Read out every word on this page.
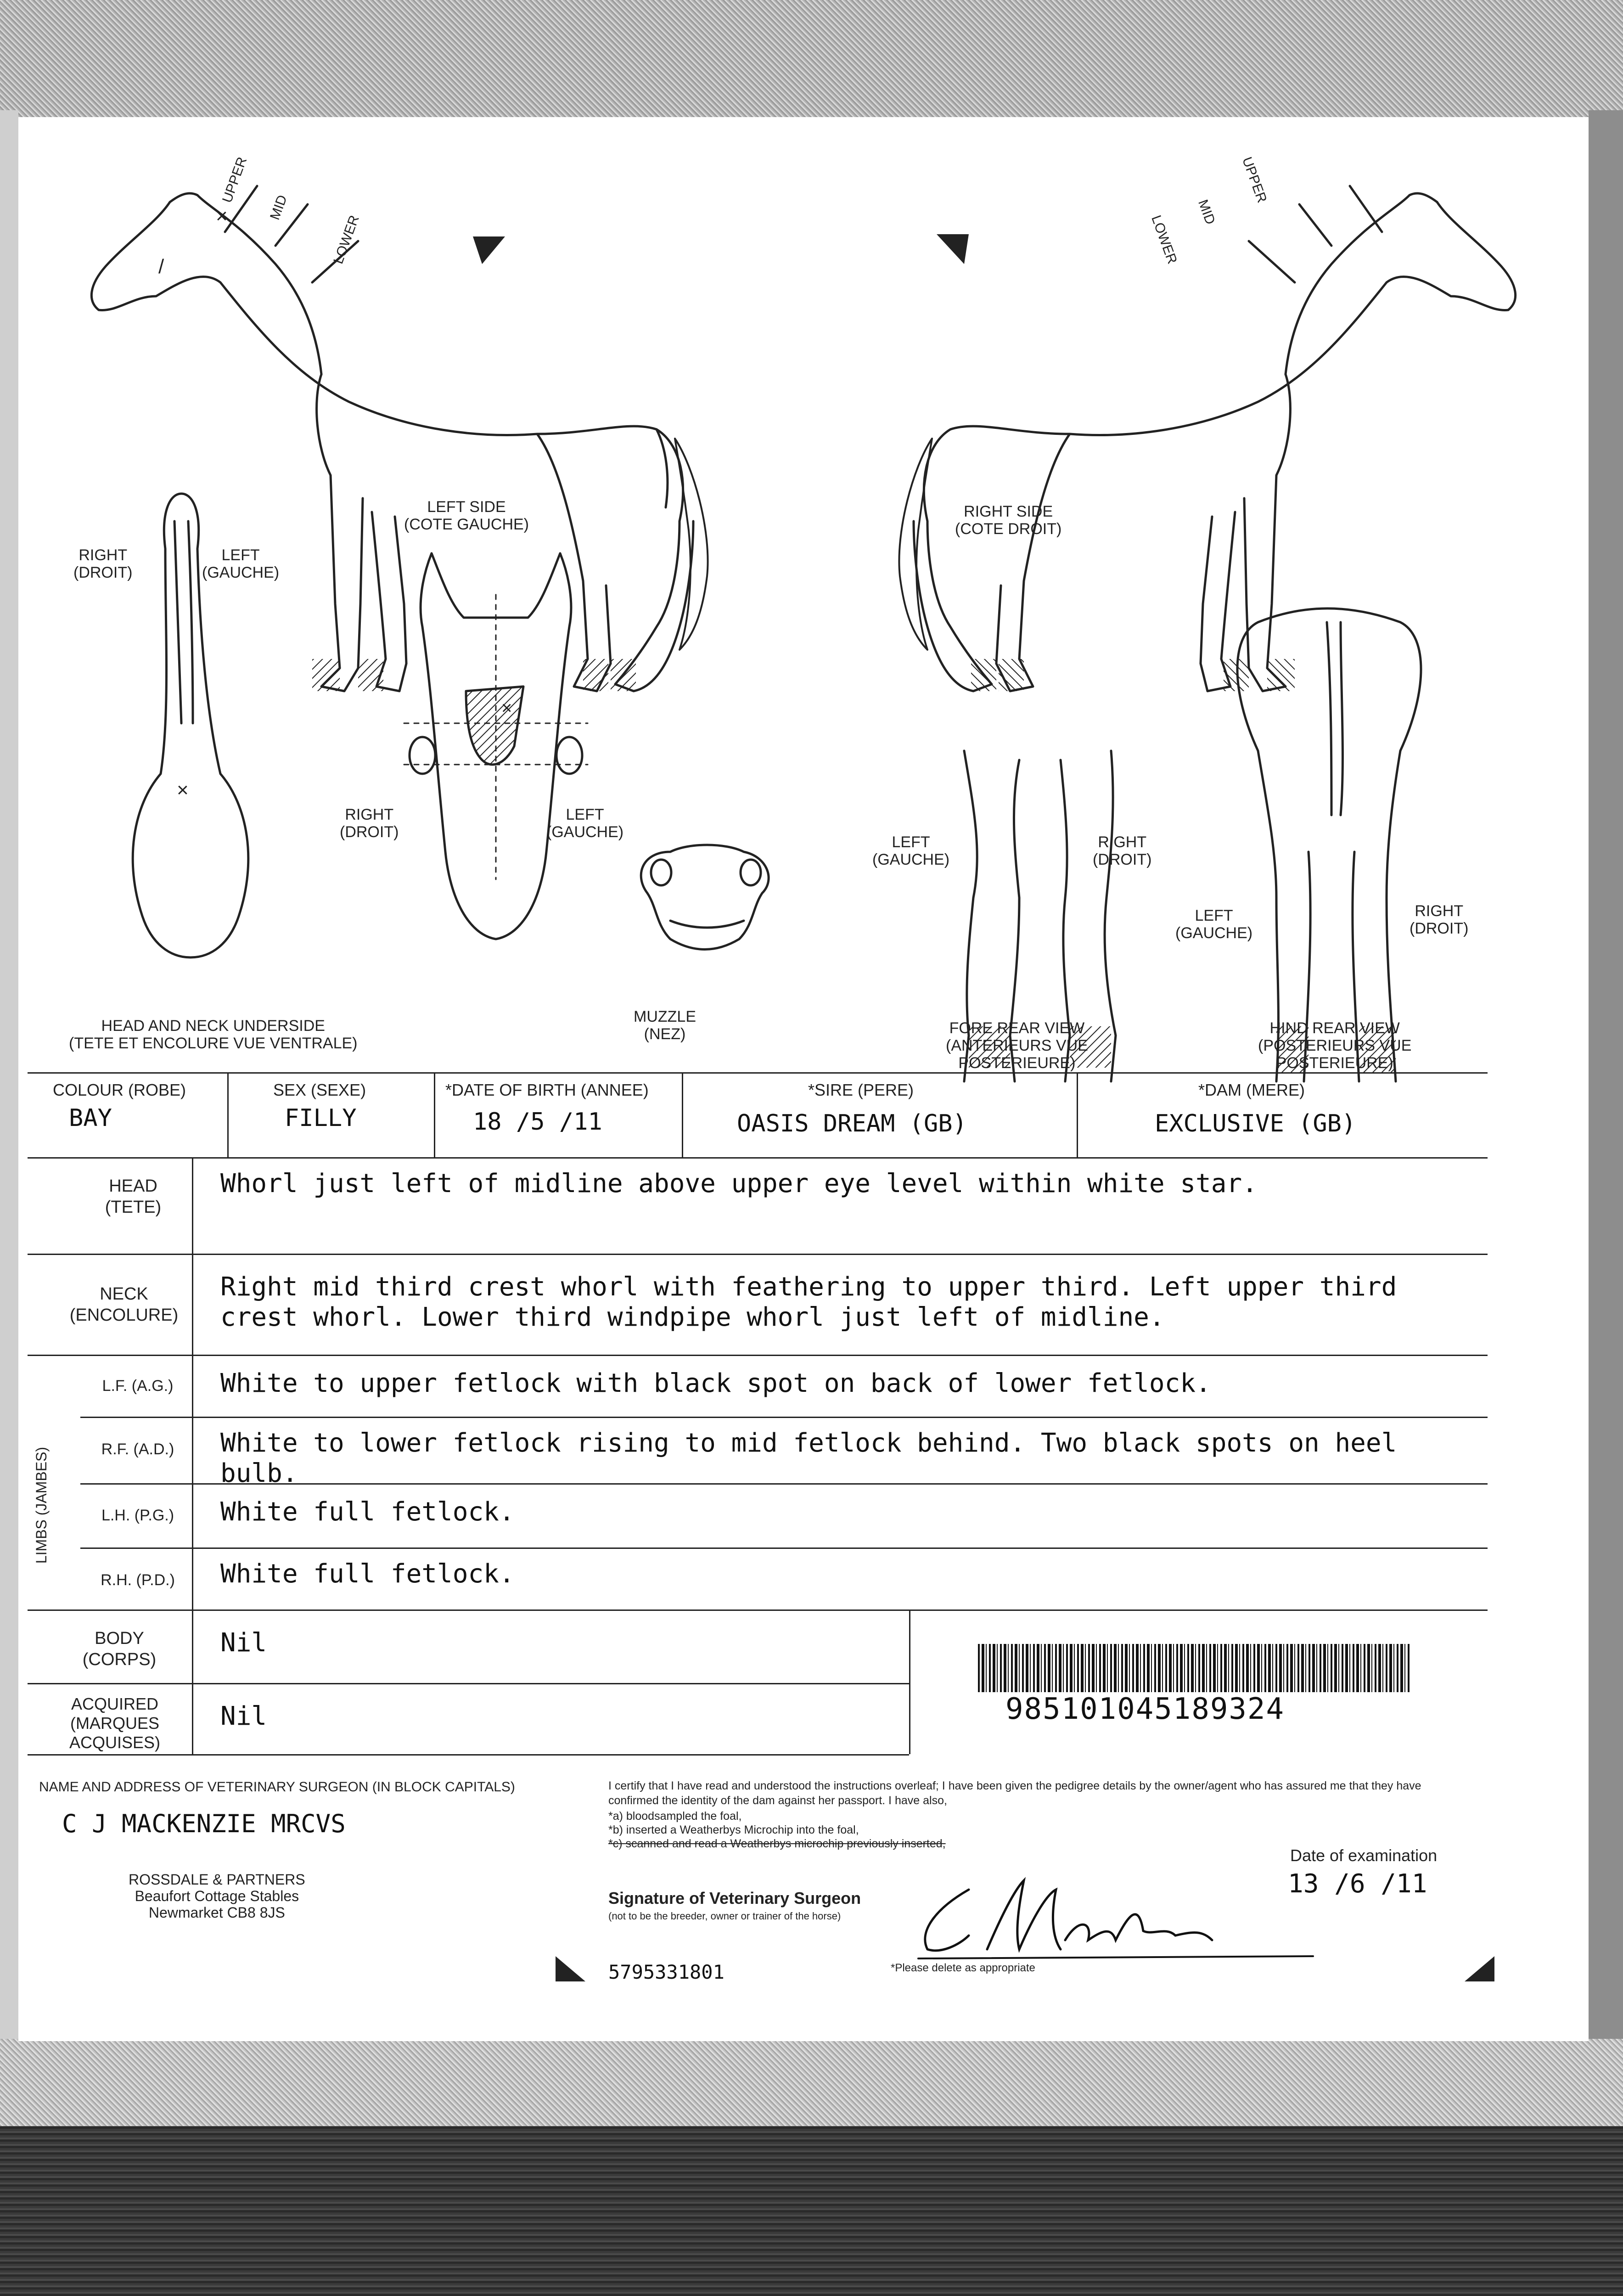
/
×
×
×
UPPER
MID
LOWER
UPPER
MID
LOWER
LEFT SIDE
(COTE GAUCHE)
RIGHT SIDE
(COTE DROIT)
RIGHT
(DROIT)
LEFT
(GAUCHE)
RIGHT
(DROIT)
LEFT
(GAUCHE)
LEFT
(GAUCHE)
RIGHT
(DROIT)
LEFT
(GAUCHE)
RIGHT
(DROIT)
HEAD AND NECK UNDERSIDE
(TETE ET ENCOLURE VUE VENTRALE)
MUZZLE
(NEZ)	FORE REAR VIEW
(ANTERIEURS VUE
POSTERIEURE)
HIND REAR VIEW
(POSTERIEURS VUE
POSTERIEURE)
COLOUR (ROBE)
BAY
SEX (SEXE)
FILLY
*DATE OF BIRTH (ANNEE)
18 /5 /11
*SIRE (PERE)
OASIS DREAM (GB)
*DAM (MERE)
EXCLUSIVE (GB)
HEAD
(TETE)
Whorl just left of midline above upper eye level within white star.
NECK
(ENCOLURE)
Right mid third crest whorl with feathering to upper third. Left upper third crest whorl. Lower third windpipe whorl just left of midline.
LIMBS (JAMBES)
L.F. (A.G.)	White to upper fetlock with black spot on back of lower fetlock.
R.F. (A.D.)	White to lower fetlock rising to mid fetlock behind. Two black spots on heel bulb.
L.H. (P.G.)	White full fetlock.
R.H. (P.D.)	White full fetlock.
BODY
(CORPS)
Nil
ACQUIRED
(MARQUES
ACQUISES)
Nil	985101045189324
NAME AND ADDRESS OF VETERINARY SURGEON (IN BLOCK CAPITALS)
C J MACKENZIE MRCVS
ROSSDALE & PARTNERS
Beaufort Cottage Stables
Newmarket CB8 8JS
I certify that I have read and understood the instructions overleaf; I have been given the pedigree details by the owner/agent who has assured me that they have confirmed the identity of the dam against her passport. I have also,
*a) bloodsampled the foal,
*b) inserted a Weatherbys Microchip into the foal,
*c) scanned and read a Weatherbys microchip previously inserted,
Date of examination
13 /6 /11
Signature of Veterinary Surgeon
(not to be the breeder, owner or trainer of the horse)
*Please delete as appropriate
5795331801
